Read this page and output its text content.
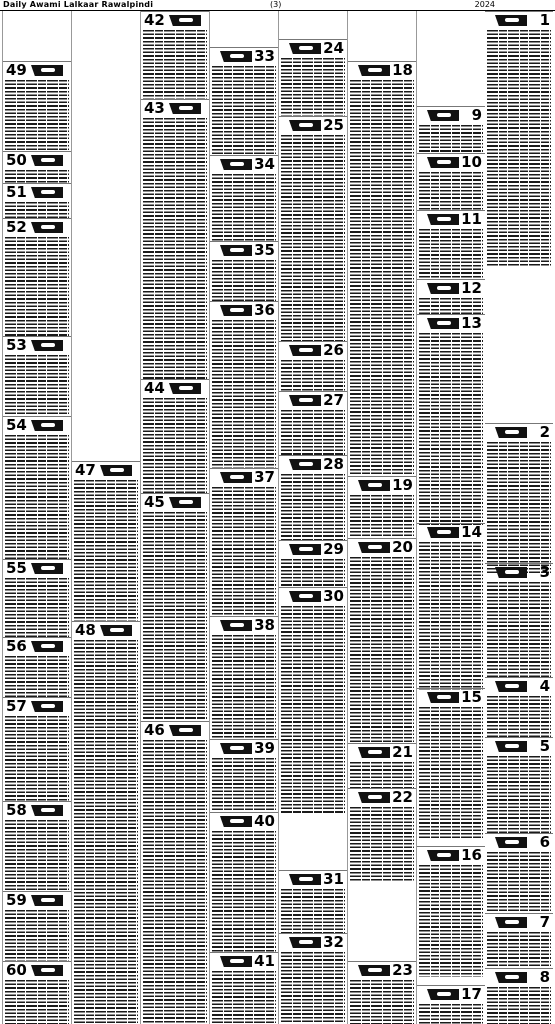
Daily Awami Lalkaar Rawalpindi	(3)	2024
1
2
3
4
5
6
7
8
9
10
11
12
13
14
15
16
17
18
19
20
21
22
23
24
25
26
27
28
29
30
31
32
33
34
35
36
37
38
39
40
41
42
43
44
45
46
47
48
49
50
51
52
53
54
55
56
57
58
59
60
